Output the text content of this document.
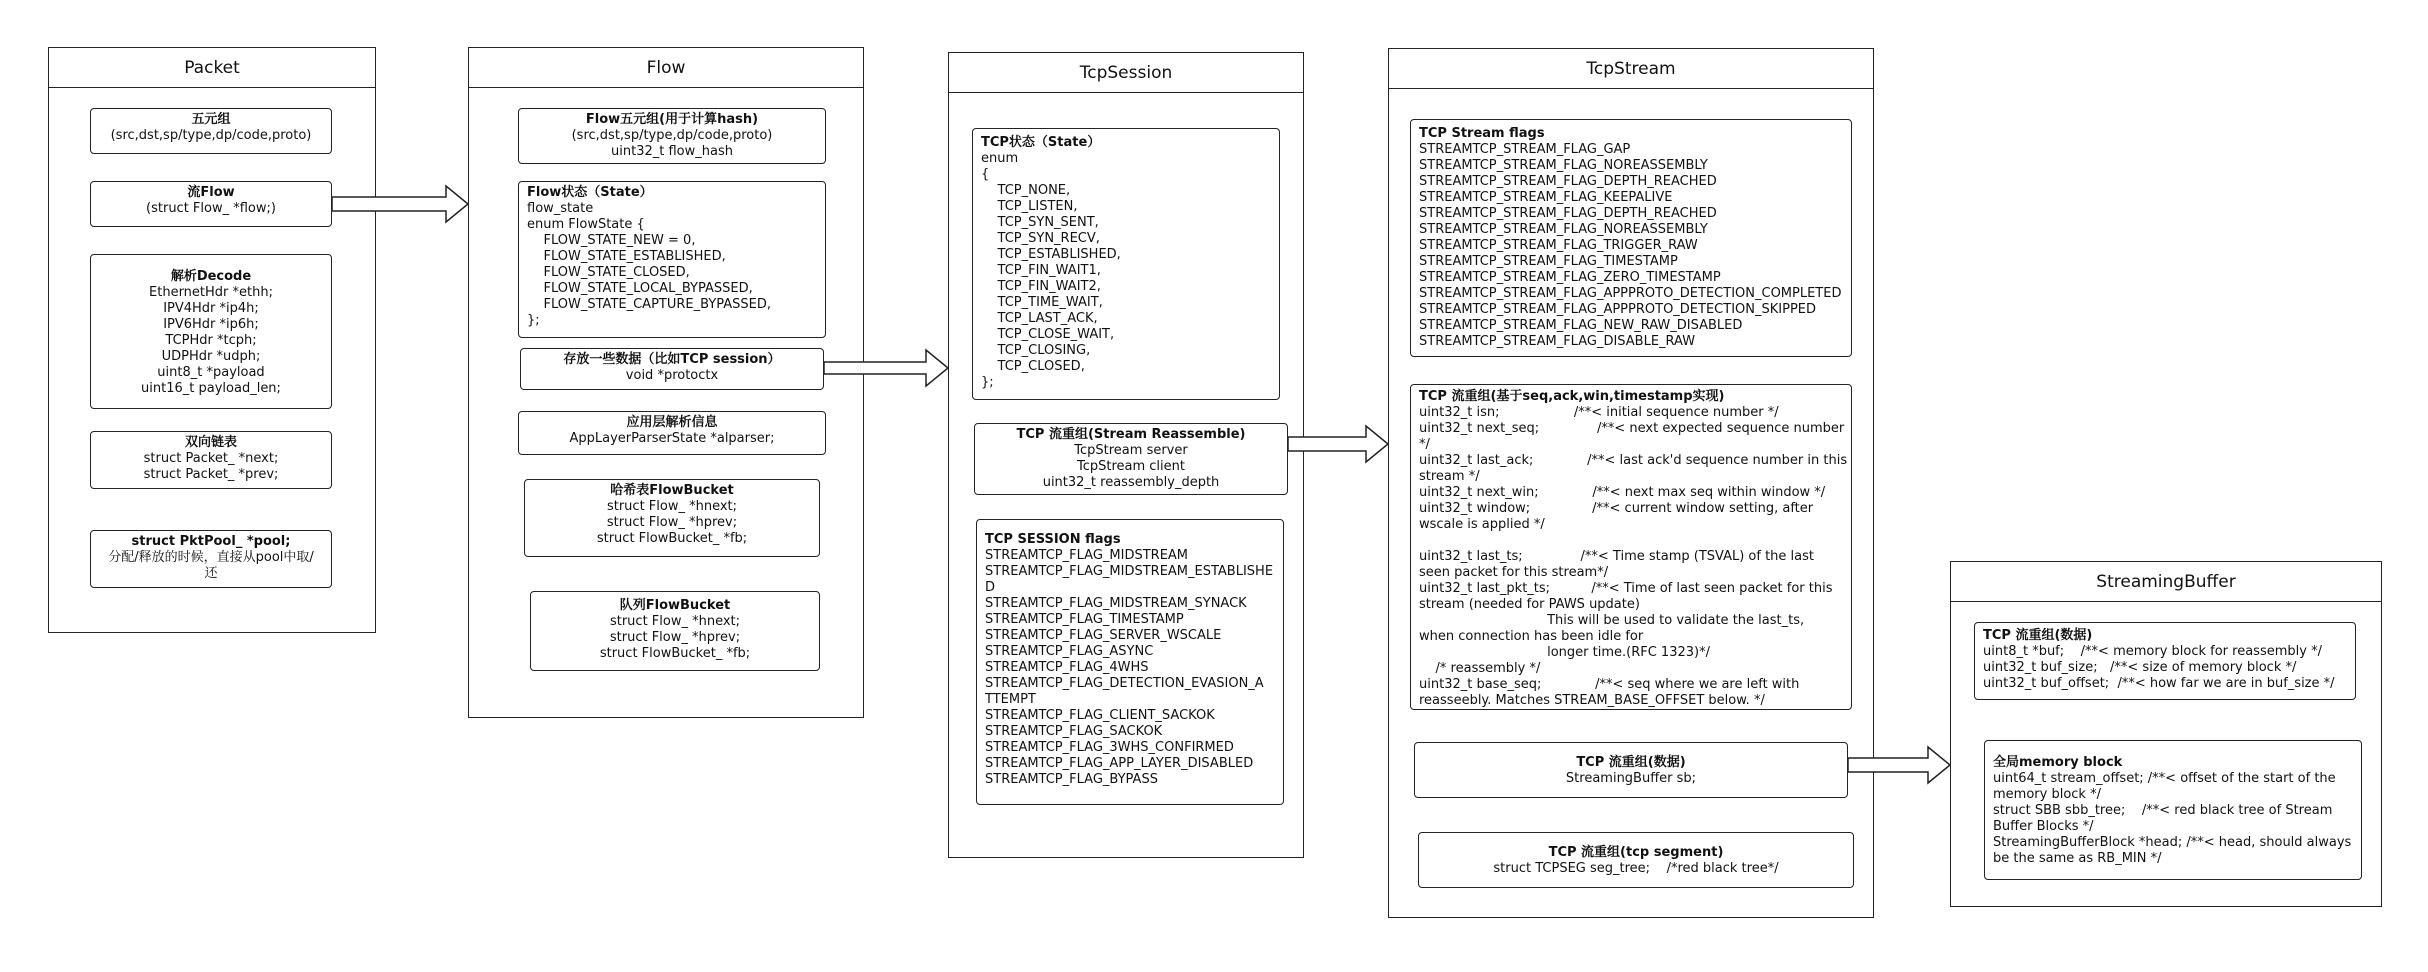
Packet
五元组
(src,dst,sp/type,dp/code,proto)
流Flow
(struct Flow_ *flow;)
解析Decode
EthernetHdr *ethh;
IPV4Hdr *ip4h;
IPV6Hdr *ip6h;
TCPHdr *tcph;
UDPHdr *udph;
uint8_t *payload
uint16_t payload_len;
双向链表
struct Packet_ *next;
struct Packet_ *prev;
struct PktPool_ *pool;
分配/释放的时候，直接从pool中取/
还
Flow
Flow五元组(用于计算hash)
(src,dst,sp/type,dp/code,proto)
uint32_t flow_hash
Flow状态（State）
flow_state
enum FlowState {
FLOW_STATE_NEW = 0,
FLOW_STATE_ESTABLISHED,
FLOW_STATE_CLOSED,
FLOW_STATE_LOCAL_BYPASSED,
FLOW_STATE_CAPTURE_BYPASSED,
};
存放一些数据（比如TCP session）
void *protoctx
应用层解析信息
AppLayerParserState *alparser;
哈希表FlowBucket
struct Flow_ *hnext;
struct Flow_ *hprev;
struct FlowBucket_ *fb;
队列FlowBucket
struct Flow_ *hnext;
struct Flow_ *hprev;
struct FlowBucket_ *fb;
TcpSession
TCP状态（State）
enum
{
TCP_NONE,
TCP_LISTEN,
TCP_SYN_SENT,
TCP_SYN_RECV,
TCP_ESTABLISHED,
TCP_FIN_WAIT1,
TCP_FIN_WAIT2,
TCP_TIME_WAIT,
TCP_LAST_ACK,
TCP_CLOSE_WAIT,
TCP_CLOSING,
TCP_CLOSED,
};
TCP 流重组(Stream Reassemble)
TcpStream server
TcpStream client
uint32_t reassembly_depth
TCP SESSION flags
STREAMTCP_FLAG_MIDSTREAM
STREAMTCP_FLAG_MIDSTREAM_ESTABLISHE
D
STREAMTCP_FLAG_MIDSTREAM_SYNACK
STREAMTCP_FLAG_TIMESTAMP
STREAMTCP_FLAG_SERVER_WSCALE
STREAMTCP_FLAG_ASYNC
STREAMTCP_FLAG_4WHS
STREAMTCP_FLAG_DETECTION_EVASION_A
TTEMPT
STREAMTCP_FLAG_CLIENT_SACKOK
STREAMTCP_FLAG_SACKOK
STREAMTCP_FLAG_3WHS_CONFIRMED
STREAMTCP_FLAG_APP_LAYER_DISABLED
STREAMTCP_FLAG_BYPASS
TcpStream
TCP Stream flags
STREAMTCP_STREAM_FLAG_GAP
STREAMTCP_STREAM_FLAG_NOREASSEMBLY
STREAMTCP_STREAM_FLAG_DEPTH_REACHED
STREAMTCP_STREAM_FLAG_KEEPALIVE
STREAMTCP_STREAM_FLAG_DEPTH_REACHED
STREAMTCP_STREAM_FLAG_NOREASSEMBLY
STREAMTCP_STREAM_FLAG_TRIGGER_RAW
STREAMTCP_STREAM_FLAG_TIMESTAMP
STREAMTCP_STREAM_FLAG_ZERO_TIMESTAMP
STREAMTCP_STREAM_FLAG_APPPROTO_DETECTION_COMPLETED
STREAMTCP_STREAM_FLAG_APPPROTO_DETECTION_SKIPPED
STREAMTCP_STREAM_FLAG_NEW_RAW_DISABLED
STREAMTCP_STREAM_FLAG_DISABLE_RAW
TCP 流重组(基于seq,ack,win,timestamp实现)
uint32_t isn;                  /**< initial sequence number */
uint32_t next_seq;              /**< next expected sequence number
*/
uint32_t last_ack;             /**< last ack'd sequence number in this
stream */
uint32_t next_win;             /**< next max seq within window */
uint32_t window;               /**< current window setting, after
wscale is applied */
uint32_t last_ts;              /**< Time stamp (TSVAL) of the last
seen packet for this stream*/
uint32_t last_pkt_ts;          /**< Time of last seen packet for this
stream (needed for PAWS update)
This will be used to validate the last_ts,
when connection has been idle for
longer time.(RFC 1323)*/
/* reassembly */
uint32_t base_seq;             /**< seq where we are left with
reasseebly. Matches STREAM_BASE_OFFSET below. */
TCP 流重组(数据)
StreamingBuffer sb;
TCP 流重组(tcp segment)
struct TCPSEG seg_tree;    /*red black tree*/
StreamingBuffer
TCP 流重组(数据)
uint8_t *buf;    /**< memory block for reassembly */
uint32_t buf_size;   /**< size of memory block */
uint32_t buf_offset;  /**< how far we are in buf_size */
全局memory block
uint64_t stream_offset; /**< offset of the start of the
memory block */
struct SBB sbb_tree;    /**< red black tree of Stream
Buffer Blocks */
StreamingBufferBlock *head; /**< head, should always
be the same as RB_MIN */
